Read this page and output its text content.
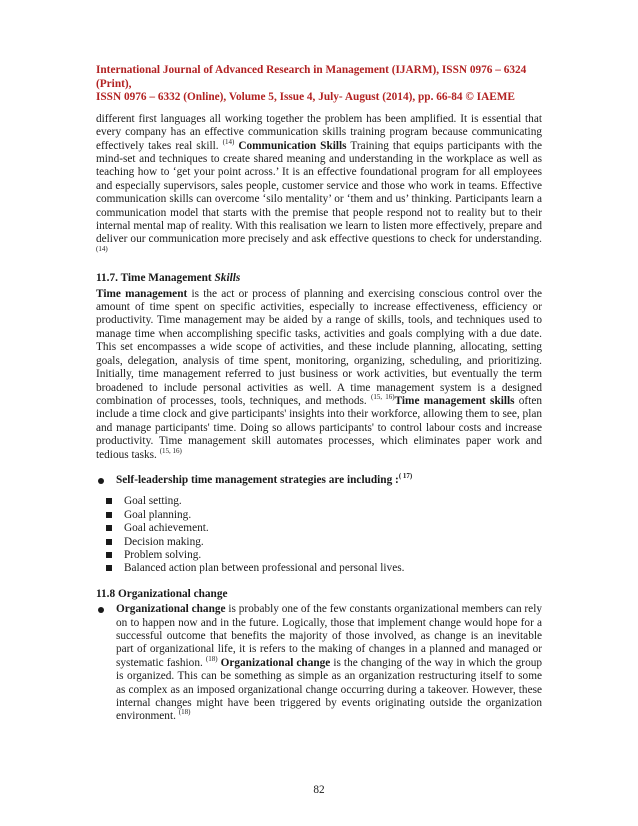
International Journal of Advanced Research in Management (IJARM), ISSN 0976 – 6324 (Print),
ISSN 0976 – 6332 (Online), Volume 5, Issue 4, July- August (2014), pp. 66-84 © IAEME

different first languages all working together the problem has been amplified. It is essential that every company has an effective communication skills training program because communicating effectively takes real skill. $^{(14)}$ Communication Skills Training that equips participants with the mind-set and techniques to create shared meaning and understanding in the workplace as well as teaching how to ‘get your point across.’ It is an effective foundational program for all employees and especially supervisors, sales people, customer service and those who work in teams. Effective communication skills can overcome ‘silo mentality’ or ‘them and us’ thinking. Participants learn a communication model that starts with the premise that people respond not to reality but to their internal mental map of reality. With this realisation we learn to listen more effectively, prepare and deliver our communication more precisely and ask effective questions to check for understanding. $^{(14)}$

11.7. Time Management Skills

Time management is the act or process of planning and exercising conscious control over the amount of time spent on specific activities, especially to increase effectiveness, efficiency or productivity. Time management may be aided by a range of skills, tools, and techniques used to manage time when accomplishing specific tasks, activities and goals complying with a due date. This set encompasses a wide scope of activities, and these include planning, allocating, setting goals, delegation, analysis of time spent, monitoring, organizing, scheduling, and prioritizing. Initially, time management referred to just business or work activities, but eventually the term broadened to include personal activities as well. A time management system is a designed combination of processes, tools, techniques, and methods. $^{(15, 16)}$Time management skills often include a time clock and give participants' insights into their workforce, allowing them to see, plan and manage participants' time. Doing so allows participants' to control labour costs and increase productivity. Time management skill automates processes, which eliminates paper work and tedious tasks. $^{(15, 16)}$

Self-leadership time management strategies are including :$^{( 17)}$
Goal setting.
Goal planning.
Goal achievement.
Decision making.
Problem solving.
Balanced action plan between professional and personal lives.
11.8 Organizational change
Organizational change is probably one of the few constants organizational members can rely on to happen now and in the future. Logically, those that implement change would hope for a successful outcome that benefits the majority of those involved, as change is an inevitable part of organizational life, it is refers to the making of changes in a planned and managed or systematic fashion. $^{(18)}$ Organizational change is the changing of the way in which the group is organized. This can be something as simple as an organization restructuring itself to some as complex as an imposed organizational change occurring during a takeover. However, these internal changes might have been triggered by events originating outside the organization environment. $^{(18)}$
82
